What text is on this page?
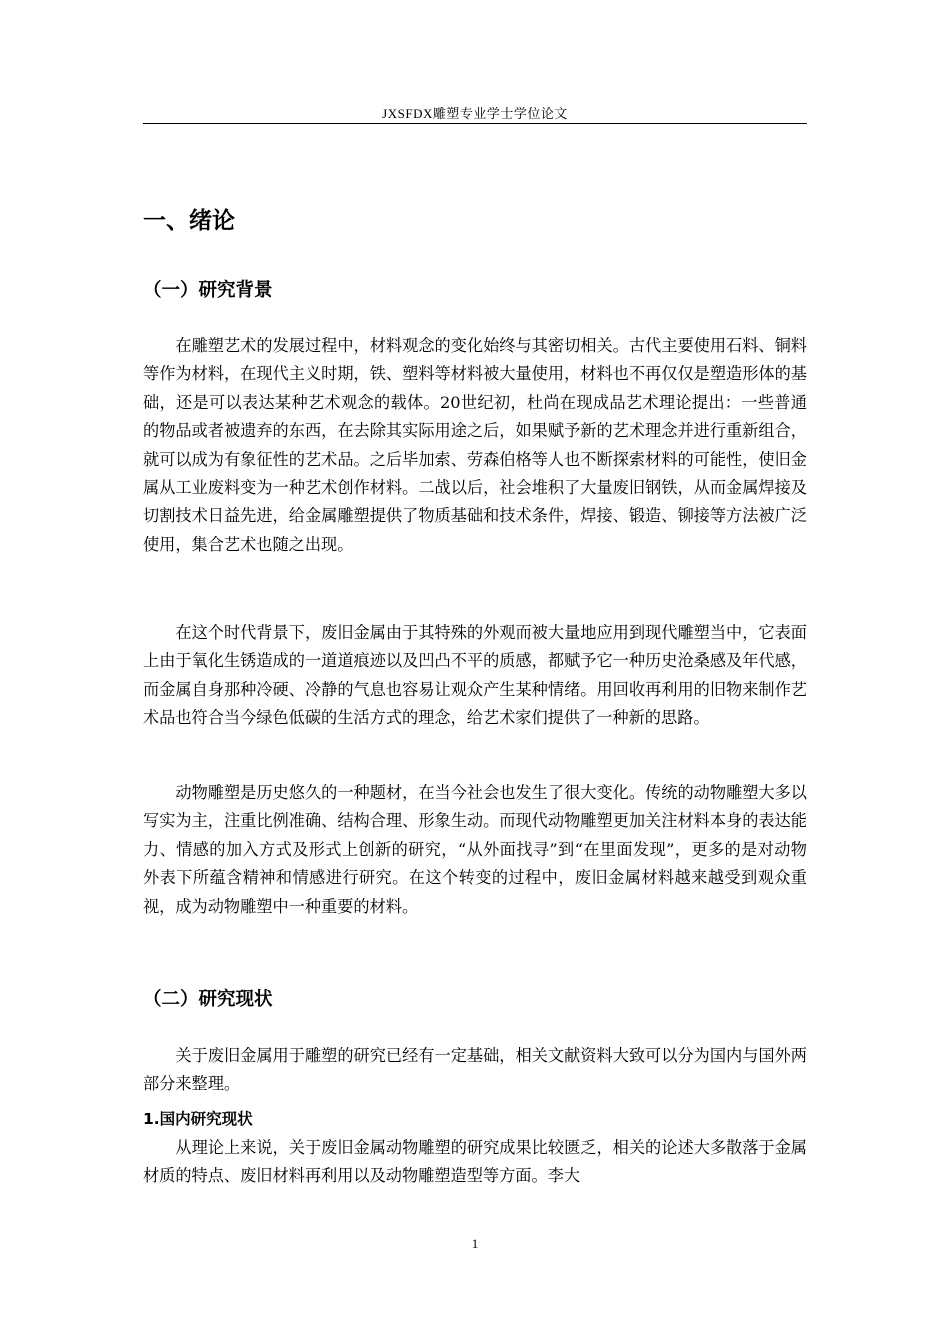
JXSFDX雕塑专业学士学位论文
一、绪论
（一）研究背景

在雕塑艺术的发展过程中，材料观念的变化始终与其密切相关。古代主要使用石料、铜料等作为材料，在现代主义时期，铁、塑料等材料被大量使用，材料也不再仅仅是塑造形体的基础，还是可以表达某种艺术观念的载体。20世纪初，杜尚在现成品艺术理论提出：一些普通的物品或者被遗弃的东西，在去除其实际用途之后，如果赋予新的艺术理念并进行重新组合，就可以成为有象征性的艺术品。之后毕加索、劳森伯格等人也不断探索材料的可能性，使旧金属从工业废料变为一种艺术创作材料。二战以后，社会堆积了大量废旧钢铁，从而金属焊接及切割技术日益先进，给金属雕塑提供了物质基础和技术条件，焊接、锻造、铆接等方法被广泛使用，集合艺术也随之出现。

在这个时代背景下，废旧金属由于其特殊的外观而被大量地应用到现代雕塑当中，它表面上由于氧化生锈造成的一道道痕迹以及凹凸不平的质感，都赋予它一种历史沧桑感及年代感，而金属自身那种冷硬、冷静的气息也容易让观众产生某种情绪。用回收再利用的旧物来制作艺术品也符合当今绿色低碳的生活方式的理念，给艺术家们提供了一种新的思路。

动物雕塑是历史悠久的一种题材，在当今社会也发生了很大变化。传统的动物雕塑大多以写实为主，注重比例准确、结构合理、形象生动。而现代动物雕塑更加关注材料本身的表达能力、情感的加入方式及形式上创新的研究，“从外面找寻”到“在里面发现”，更多的是对动物外表下所蕴含精神和情感进行研究。在这个转变的过程中，废旧金属材料越来越受到观众重视，成为动物雕塑中一种重要的材料。

（二）研究现状

关于废旧金属用于雕塑的研究已经有一定基础，相关文献资料大致可以分为国内与国外两部分来整理。

1.国内研究现状

从理论上来说，关于废旧金属动物雕塑的研究成果比较匮乏，相关的论述大多散落于金属材质的特点、废旧材料再利用以及动物雕塑造型等方面。李大

1
